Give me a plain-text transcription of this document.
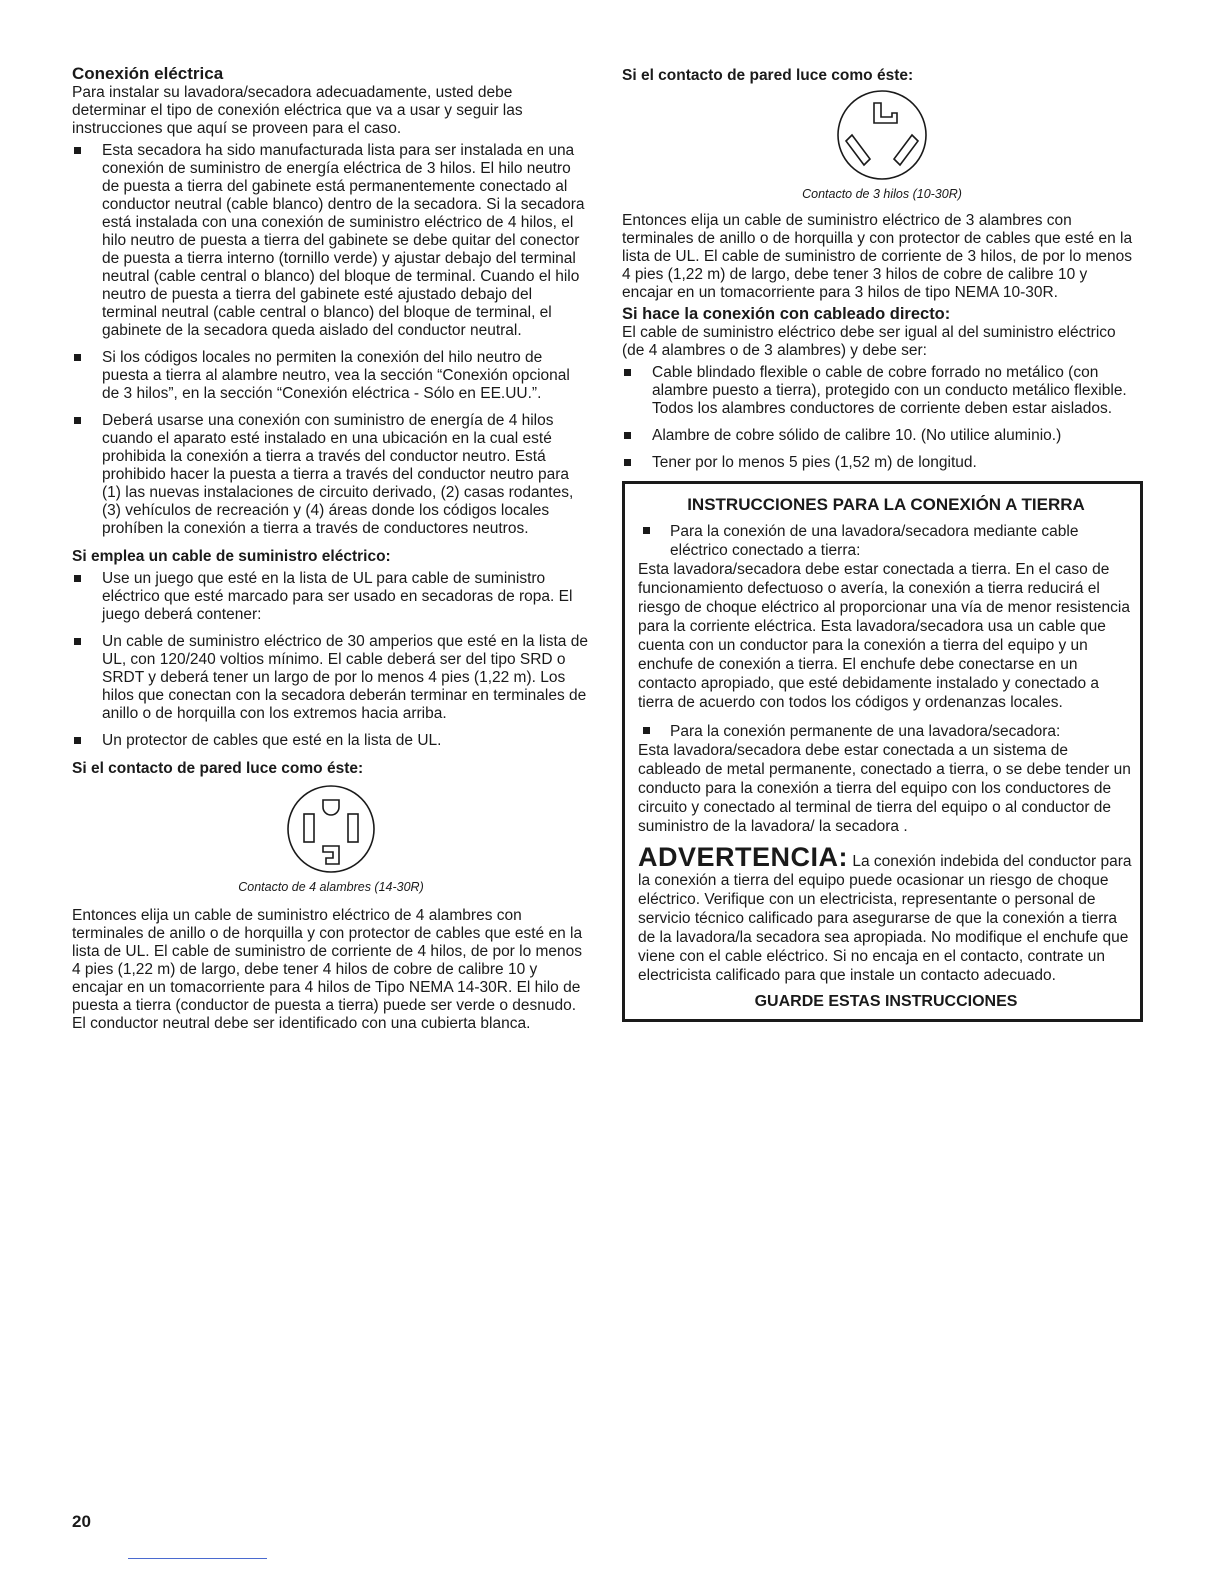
Conexión eléctrica

Para instalar su lavadora/secadora adecuadamente, usted debe determinar el tipo de conexión eléctrica que va a usar y seguir las instrucciones que aquí se proveen para el caso.

Esta secadora ha sido manufacturada lista para ser instalada en una conexión de suministro de energía eléctrica de 3 hilos. El hilo neutro de puesta a tierra del gabinete está permanentemente conectado al conductor neutral (cable blanco) dentro de la secadora. Si la secadora está instalada con una conexión de suministro eléctrico de 4 hilos, el hilo neutro de puesta a tierra del gabinete se debe quitar del conector de puesta a tierra interno (tornillo verde) y ajustar debajo del terminal neutral (cable central o blanco) del bloque de terminal. Cuando el hilo neutro de puesta a tierra del gabinete esté ajustado debajo del terminal neutral (cable central o blanco) del bloque de terminal, el gabinete de la secadora queda aislado del conductor neutral.
Si los códigos locales no permiten la conexión del hilo neutro de puesta a tierra al alambre neutro, vea la sección “Conexión opcional de 3 hilos”, en la sección “Conexión eléctrica - Sólo en EE.UU.”.
Deberá usarse una conexión con suministro de energía de 4 hilos cuando el aparato esté instalado en una ubicación en la cual esté prohibida la conexión a tierra a través del conductor neutro. Está prohibido hacer la puesta a tierra a través del conductor neutro para (1) las nuevas instalaciones de circuito derivado, (2) casas rodantes, (3) vehículos de recreación y (4) áreas donde los códigos locales prohíben la conexión a tierra a través de conductores neutros.
Si emplea un cable de suministro eléctrico:
Use un juego que esté en la lista de UL para cable de suministro eléctrico que esté marcado para ser usado en secadoras de ropa. El juego deberá contener:
Un cable de suministro eléctrico de 30 amperios que esté en la lista de UL, con 120/240 voltios mínimo. El cable deberá ser del tipo SRD o SRDT y deberá tener un largo de por lo menos 4 pies (1,22 m). Los hilos que conectan con la secadora deberán terminar en terminales de anillo o de horquilla con los extremos hacia arriba.
Un protector de cables que esté en la lista de UL.
Si el contacto de pared luce como éste:

Contacto de 4 alambres (14-30R)

Entonces elija un cable de suministro eléctrico de 4 alambres con terminales de anillo o de horquilla y con protector de cables que esté en la lista de UL. El cable de suministro de corriente de 4 hilos, de por lo menos 4 pies (1,22 m) de largo, debe tener 4 hilos de cobre de calibre 10 y encajar en un tomacorriente para 4 hilos de Tipo NEMA 14-30R. El hilo de puesta a tierra (conductor de puesta a tierra) puede ser verde o desnudo. El conductor neutral debe ser identificado con una cubierta blanca.

Si el contacto de pared luce como éste:

Contacto de 3 hilos (10-30R)

Entonces elija un cable de suministro eléctrico de 3 alambres con terminales de anillo o de horquilla y con protector de cables que esté en la lista de UL. El cable de suministro de corriente de 3 hilos, de por lo menos 4 pies (1,22 m) de largo, debe tener 3 hilos de cobre de calibre 10 y encajar en un tomacorriente para 3 hilos de tipo NEMA 10-30R.

Si hace la conexión con cableado directo:

El cable de suministro eléctrico debe ser igual al del suministro eléctrico (de 4 alambres o de 3 alambres) y debe ser:

Cable blindado flexible o cable de cobre forrado no metálico (con alambre puesto a tierra), protegido con un conducto metálico flexible. Todos los alambres conductores de corriente deben estar aislados.
Alambre de cobre sólido de calibre 10. (No utilice aluminio.)
Tener por lo menos 5 pies (1,52 m) de longitud.
INSTRUCCIONES PARA LA CONEXIÓN A TIERRA
Para la conexión de una lavadora/secadora mediante cable eléctrico conectado a tierra:

Esta lavadora/secadora debe estar conectada a tierra. En el caso de funcionamiento defectuoso o avería, la conexión a tierra reducirá el riesgo de choque eléctrico al proporcionar una vía de menor resistencia para la corriente eléctrica. Esta lavadora/secadora usa un cable que cuenta con un conductor para la conexión a tierra del equipo y un enchufe de conexión a tierra. El enchufe debe conectarse en un contacto apropiado, que esté debidamente instalado y conectado a tierra de acuerdo con todos los códigos y ordenanzas locales.

Para la conexión permanente de una lavadora/secadora:

Esta lavadora/secadora debe estar conectada a un sistema de cableado de metal permanente, conectado a tierra, o se debe tender un conducto para la conexión a tierra del equipo con los conductores de circuito y conectado al terminal de tierra del equipo o al conductor de suministro de la lavadora/ la secadora .

ADVERTENCIA: La conexión indebida del conductor para la conexión a tierra del equipo puede ocasionar un riesgo de choque eléctrico. Verifique con un electricista, representante o personal de servicio técnico calificado para asegurarse de que la conexión a tierra de la lavadora/la secadora sea apropiada. No modifique el enchufe que viene con el cable eléctrico. Si no encaja en el contacto, contrate un electricista calificado para que instale un contacto adecuado.

GUARDE ESTAS INSTRUCCIONES
20
